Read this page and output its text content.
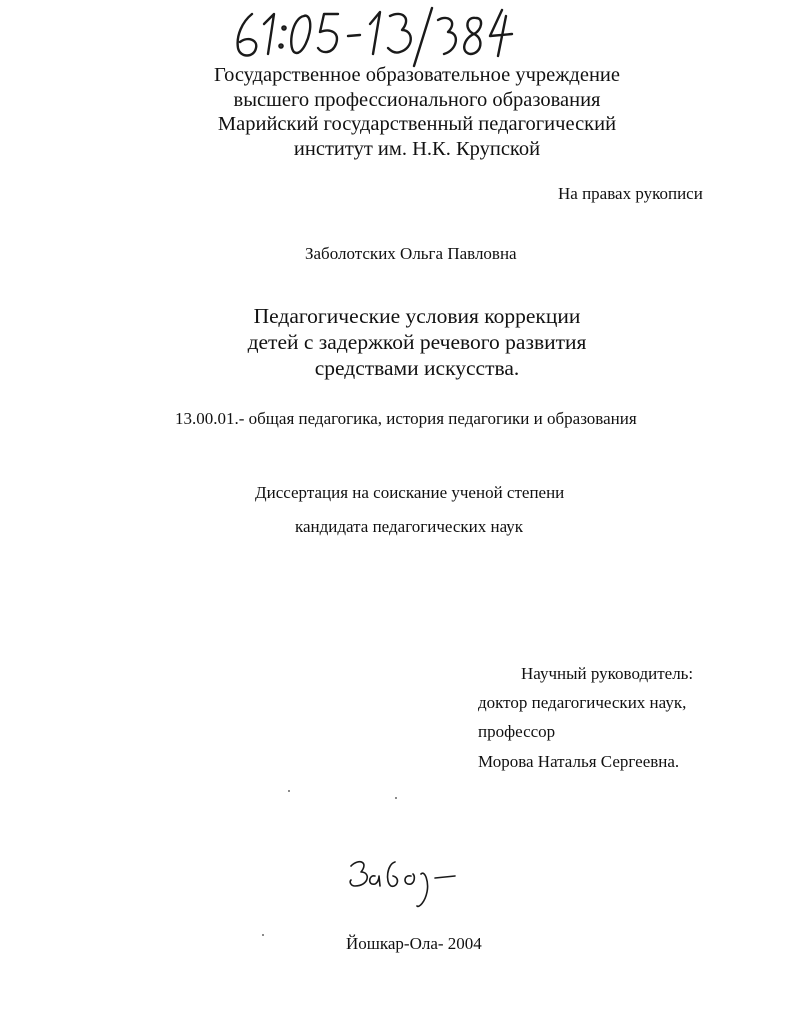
Государственное образовательное учреждение
высшего профессионального образования
Марийский государственный педагогический
институт им. Н.К. Крупской
На правах рукописи
Заболотских Ольга Павловна
Педагогические условия коррекции
детей с задержкой речевого развития
средствами искусства.
13.00.01.- общая педагогика, история педагогики и образования
Диссертация на соискание ученой степени
кандидата педагогических наук
Научный руководитель:
доктор педагогических наук,
профессор
Морова Наталья Сергеевна.
Йошкар-Ола- 2004
